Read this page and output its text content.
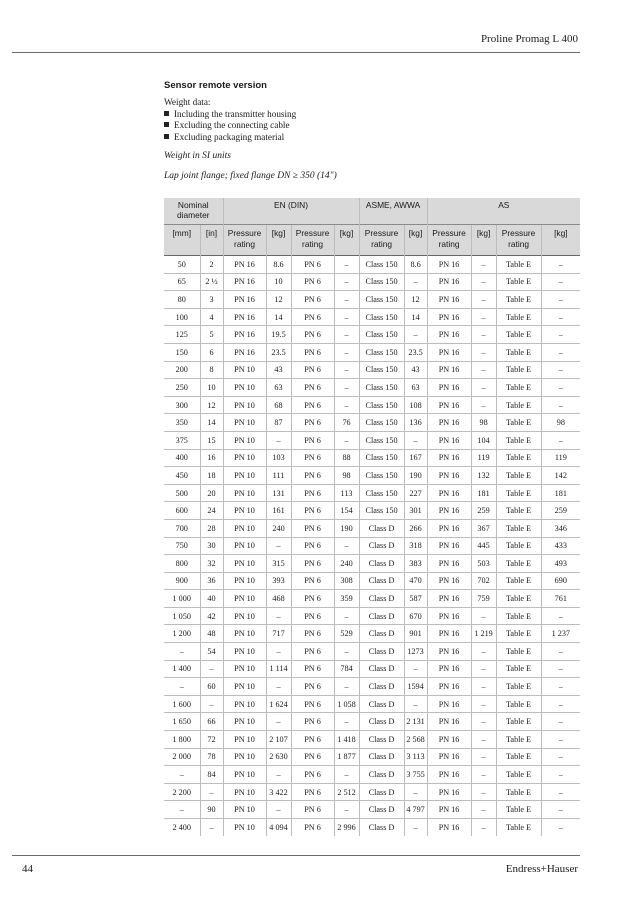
Proline Promag L 400
Sensor remote version
Weight data:
Including the transmitter housing
Excluding the connecting cable
Excluding packaging material
Weight in SI units
Lap joint flange; fixed flange DN ≥ 350 (14")
Nominal diameter		EN (DIN)				ASME, AWWA		AS			
[mm]	[in]	Pressure rating	[kg]	Pressure rating	[kg]	Pressure rating	[kg]	Pressure rating	[kg]	Pressure rating	[kg]
50	2	PN 16	8.6	PN 6	–	Class 150	8.6	PN 16	–	Table E	–
65	2 ½	PN 16	10	PN 6	–	Class 150	–	PN 16	–	Table E	–
80	3	PN 16	12	PN 6	–	Class 150	12	PN 16	–	Table E	–
100	4	PN 16	14	PN 6	–	Class 150	14	PN 16	–	Table E	–
125	5	PN 16	19.5	PN 6	–	Class 150	–	PN 16	–	Table E	–
150	6	PN 16	23.5	PN 6	–	Class 150	23.5	PN 16	–	Table E	–
200	8	PN 10	43	PN 6	–	Class 150	43	PN 16	–	Table E	–
250	10	PN 10	63	PN 6	–	Class 150	63	PN 16	–	Table E	–
300	12	PN 10	68	PN 6	–	Class 150	108	PN 16	–	Table E	–
350	14	PN 10	87	PN 6	76	Class 150	136	PN 16	98	Table E	98
375	15	PN 10	–	PN 6	–	Class 150	–	PN 16	104	Table E	–
400	16	PN 10	103	PN 6	88	Class 150	167	PN 16	119	Table E	119
450	18	PN 10	111	PN 6	98	Class 150	190	PN 16	132	Table E	142
500	20	PN 10	131	PN 6	113	Class 150	227	PN 16	181	Table E	181
600	24	PN 10	161	PN 6	154	Class 150	301	PN 16	259	Table E	259
700	28	PN 10	240	PN 6	190	Class D	266	PN 16	367	Table E	346
750	30	PN 10	–	PN 6	–	Class D	318	PN 16	445	Table E	433
800	32	PN 10	315	PN 6	240	Class D	383	PN 16	503	Table E	493
900	36	PN 10	393	PN 6	308	Class D	470	PN 16	702	Table E	690
1 000	40	PN 10	468	PN 6	359	Class D	587	PN 16	759	Table E	761
1 050	42	PN 10	–	PN 6	–	Class D	670	PN 16	–	Table E	–
1 200	48	PN 10	717	PN 6	529	Class D	901	PN 16	1 219	Table E	1 237
–	54	PN 10	–	PN 6	–	Class D	1273	PN 16	–	Table E	–
1 400	–	PN 10	1 114	PN 6	784	Class D	–	PN 16	–	Table E	–
–	60	PN 10	–	PN 6	–	Class D	1594	PN 16	–	Table E	–
1 600	–	PN 10	1 624	PN 6	1 058	Class D	–	PN 16	–	Table E	–
1 650	66	PN 10	–	PN 6	–	Class D	2 131	PN 16	–	Table E	–
1 800	72	PN 10	2 107	PN 6	1 418	Class D	2 568	PN 16	–	Table E	–
2 000	78	PN 10	2 630	PN 6	1 877	Class D	3 113	PN 16	–	Table E	–
–	84	PN 10	–	PN 6	–	Class D	3 755	PN 16	–	Table E	–
2 200	–	PN 10	3 422	PN 6	2 512	Class D	–	PN 16	–	Table E	–
–	90	PN 10	–	PN 6	–	Class D	4 797	PN 16	–	Table E	–
2 400	–	PN 10	4 094	PN 6	2 996	Class D	–	PN 16	–	Table E	–
44	Endress+Hauser
